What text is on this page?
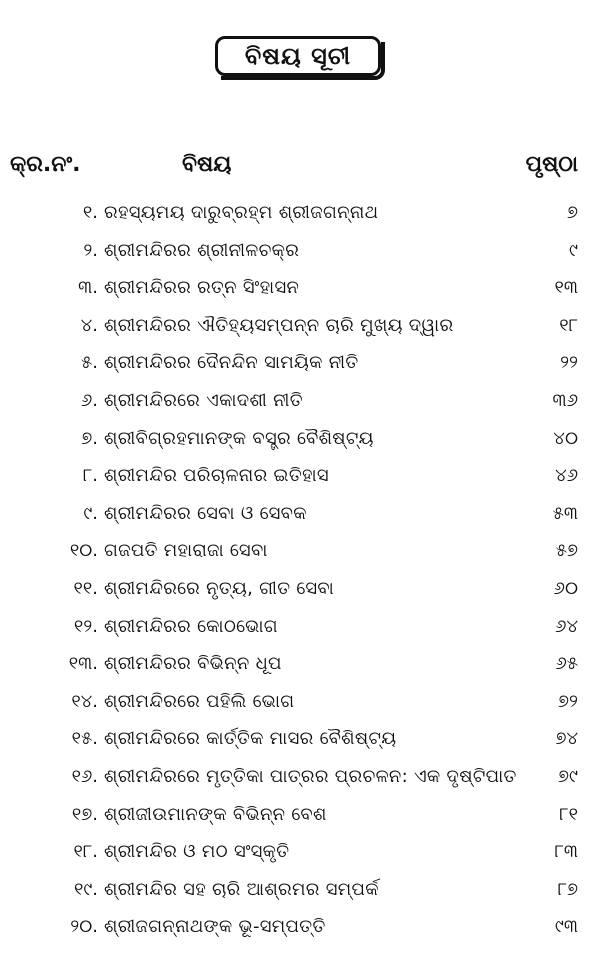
ବିଷୟ ସୂଚୀ
କ୍ର.ନଂ.	ବିଷୟ	ପୃଷ୍ଠା
୧. ରହସ୍ୟମୟ ଦାରୁବ୍ରହ୍ମ ଶ୍ରୀଜଗନ୍ନାଥ	୭
୨. ଶ୍ରୀମନ୍ଦିରର ଶ୍ରୀନୀଳଚକ୍ର	୯
୩. ଶ୍ରୀମନ୍ଦିରର ରତ୍ନ ସିଂହାସନ	୧୩
୪. ଶ୍ରୀମନ୍ଦିରର ଐତିହ୍ୟସମ୍ପନ୍ନ ଚାରି ମୁଖ୍ୟ ଦ୍ୱାର	୧୮
୫. ଶ୍ରୀମନ୍ଦିରର ଦୈନନ୍ଦିନ ସାମୟିକ ନୀତି	୨୨
୬. ଶ୍ରୀମନ୍ଦିରରେ ଏକାଦଶୀ ନୀତି	୩୬
୭. ଶ୍ରୀବିଗ୍ରହମାନଙ୍କ ବସ୍ତ୍ର ବୈଶିଷ୍ଟ୍ୟ	୪୦
୮. ଶ୍ରୀମନ୍ଦିର ପରିଚାଳନାର ଇତିହାସ	୪୬
୯. ଶ୍ରୀମନ୍ଦିରର ସେବା ଓ ସେବକ	୫୩
୧୦. ଗଜପତି ମହାରାଜା ସେବା	୫୭
୧୧. ଶ୍ରୀମନ୍ଦିରରେ ନୃତ୍ୟ, ଗୀତ ସେବା	୬୦
୧୨. ଶ୍ରୀମନ୍ଦିରର କୋଠଭୋଗ	୬୪
୧୩. ଶ୍ରୀମନ୍ଦିରର ବିଭିନ୍ନ ଧୂପ	୬୫
୧୪. ଶ୍ରୀମନ୍ଦିରରେ ପହିଲି ଭୋଗ	୭୨
୧୫. ଶ୍ରୀମନ୍ଦିରରେ କାର୍ତ୍ତିକ ମାସର ବୈଶିଷ୍ଟ୍ୟ	୭୪
୧୬. ଶ୍ରୀମନ୍ଦିରରେ ମୃତ୍ତିକା ପାତ୍ରର ପ୍ରଚଳନ: ଏକ ଦୃଷ୍ଟିପାତ ୭୯
୧୭. ଶ୍ରୀଜୀଉମାନଙ୍କ ବିଭିନ୍ନ ବେଶ	୮୧
୧୮. ଶ୍ରୀମନ୍ଦିର ଓ ମଠ ସଂସ୍କୃତି	୮୩
୧୯. ଶ୍ରୀମନ୍ଦିର ସହ ଚାରି ଆଶ୍ରମର ସମ୍ପର୍କ	୮୭
୨୦. ଶ୍ରୀଜଗନ୍ନାଥଙ୍କ ଭୂ-ସମ୍ପତ୍ତି	୯୩
